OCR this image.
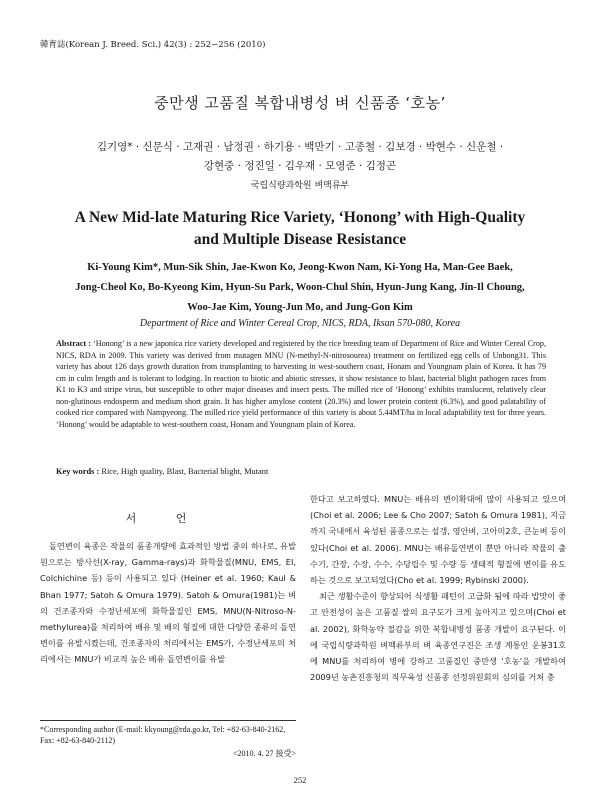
韓育誌(Korean J. Breed. Sci.) 42(3) : 252~256 (2010)
중만생 고품질 복합내병성 벼 신품종 ‘호농’
김기영* · 신문식 · 고재권 · 남정권 · 하기용 · 백만기 · 고종철 · 김보경 · 박현수 · 신운철 ·
강현중 · 정진일 · 김우재 · 모영준 · 김정곤
국립식량과학원 벼맥류부
A New Mid-late Maturing Rice Variety, ‘Honong’ with High-Quality
and Multiple Disease Resistance
Ki-Young Kim*, Mun-Sik Shin, Jae-Kwon Ko, Jeong-Kwon Nam, Ki-Yong Ha, Man-Gee Baek,
Jong-Cheol Ko, Bo-Kyeong Kim, Hyun-Su Park, Woon-Chul Shin, Hyun-Jung Kang, Jin-Il Choung,
Woo-Jae Kim, Young-Jun Mo, and Jung-Gon Kim
Department of Rice and Winter Cereal Crop, NICS, RDA, Iksan 570-080, Korea
Abstract : ‘Honong’ is a new japonica rice variety developed and registered by the rice breeding team of Department of Rice and Winter Cereal Crop, NICS, RDA in 2009. This variety was derived from mutagen MNU (N-methyl-N-nitrosourea) treatment on fertilized egg cells of Unbong31. This variety has about 126 days growth duration from transplanting to harvesting in west-southern coast, Honam and Youngnam plain of Korea. It has 79 cm in culm length and is tolerant to lodging. In reaction to biotic and abiotic stresses, it show resistance to blast, bacterial blight pathogen races from K1 to K3 and stripe virus, but susceptible to other major diseases and insect pests. The milled rice of ‘Honong’ exhibits translucent, relatively clear non-glutinous endosperm and medium short grain. It has higher amylose content (20.3%) and lower protein content (6.3%), and good palatability of cooked rice compared with Nampyeong. The milled rice yield performance of this variety is about 5.44MT/ha in local adaptability test for three years. ‘Honong’ would be adaptable to west-southern coast, Honam and Youngnam plain of Korea.
Key words : Rice, High quality, Blast, Bacterial blight, Mutant
서 언

돌연변이 육종은 작물의 품종개량에 효과적인 방법 중의 하나로, 유발원으로는 방사선(X-ray, Gamma-rays)과 화학물질(MNU, EMS, EI, Colchichine 등) 등이 사용되고 있다 (Heiner et al. 1960; Kaul & Bhan 1977; Satoh & Omura 1979). Satoh & Omura(1981)는 벼의 건조종자와 수정난세포에 화학물질인 EMS, MNU(N-Nitroso-N-methylurea)를 처리하여 배유 및 배의 형질에 대한 다양한 종류의 돌연변이를 유발시켰는데, 건조종자의 처리에서는 EMS가, 수정난세포의 처리에서는 MNU가 비교적 높은 배유 돌연변이를 유발

한다고 보고하였다. MNU는 배유의 변이확대에 많이 사용되고 있으며(Choi et al. 2006; Lee & Cho 2007; Satoh & Omura 1981), 지금까지 국내에서 육성된 품종으로는 설갱, 영안벼, 고아미2호, 큰눈벼 등이 있다(Choi et al. 2006). MNU는 배유돌연변이 뿐만 아니라 작물의 출수기, 간장, 수장, 수수, 수당립수 및 수량 등 생태적 형질에 변이를 유도하는 것으로 보고되었다(Cho et al. 1999; Rybinski 2000).

최근 생활수준이 향상되어 식생활 패턴이 고급화 됨에 따라 밥맛이 좋고 안전성이 높은 고품질 쌀의 요구도가 크게 높아지고 있으며(Choi et al. 2002), 화학농약 절감을 위한 복합내병성 품종 개발이 요구된다. 이에 국립식량과학원 벼맥류부의 벼 육종연구진은 조생 계통인 운봉31호에 MNU를 처리하여 병에 강하고 고품질인 중만생 ‘호농’을 개발하여 2009년 농촌진흥청의 직무육성 신품종 선정위원회의 심의를 거쳐 충

*Corresponding author (E-mail: kkyoung@rda.go.kr, Tel: +82-63-840-2162, Fax: +82-63-840-2112)
<2010. 4. 27 接受>
252
